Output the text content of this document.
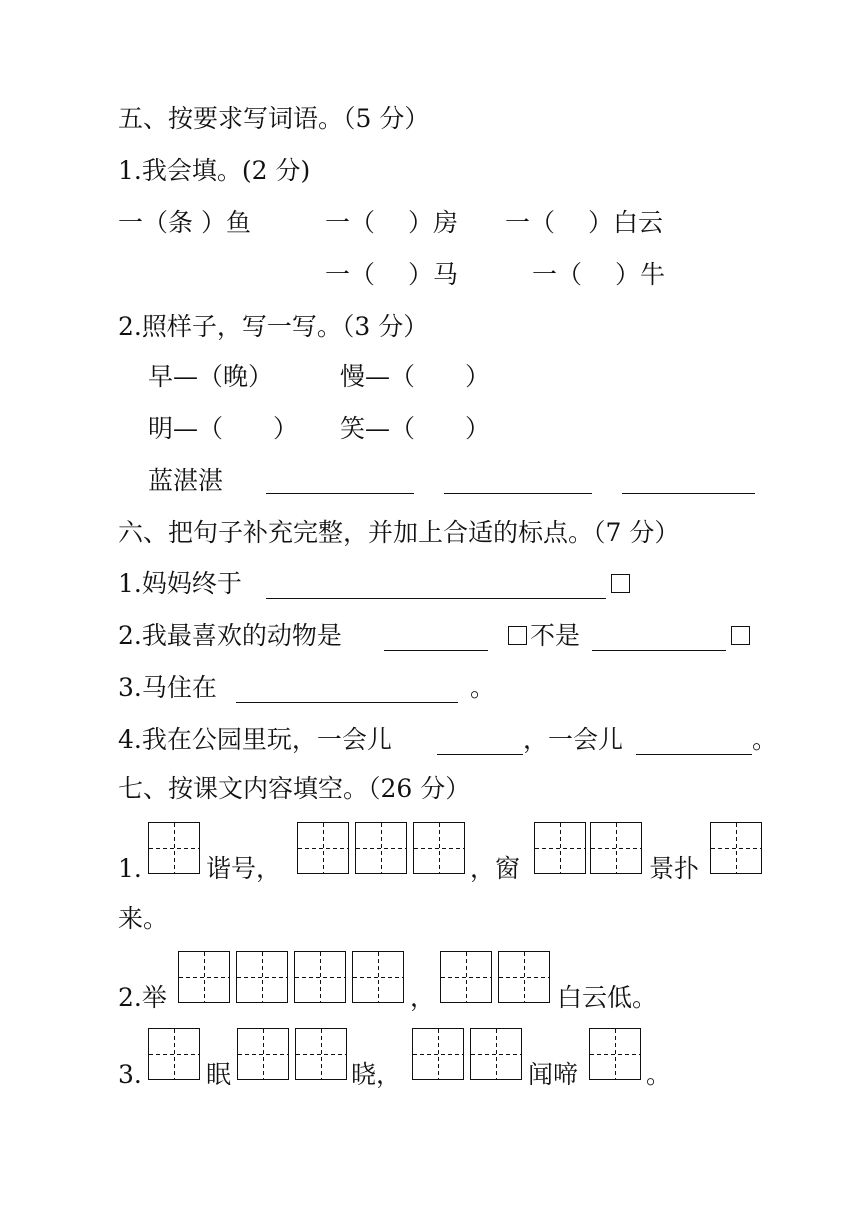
五、按要求写词语。（5 分）
1.我会填。(2 分)
一（条 ）鱼	一（　 ）房 一（　 ）白云
一（　 ）马	一（　 ）牛
2.照样子，写一写。（3 分）
早—（晚）	慢—（　　）
明—（　　） 笑—（　　）
蓝湛湛
六、把句子补充完整，并加上合适的标点。（7 分）
1.妈妈终于
2.我最喜欢的动物是	不是
3.马住在	。
4.我在公园里玩，一会儿	，一会儿	。
七、按课文内容填空。（26 分）
1.	谐号，	，窗	景扑
来。
2.举	，	白云低。
3.	眠	晓，	闻啼	。
